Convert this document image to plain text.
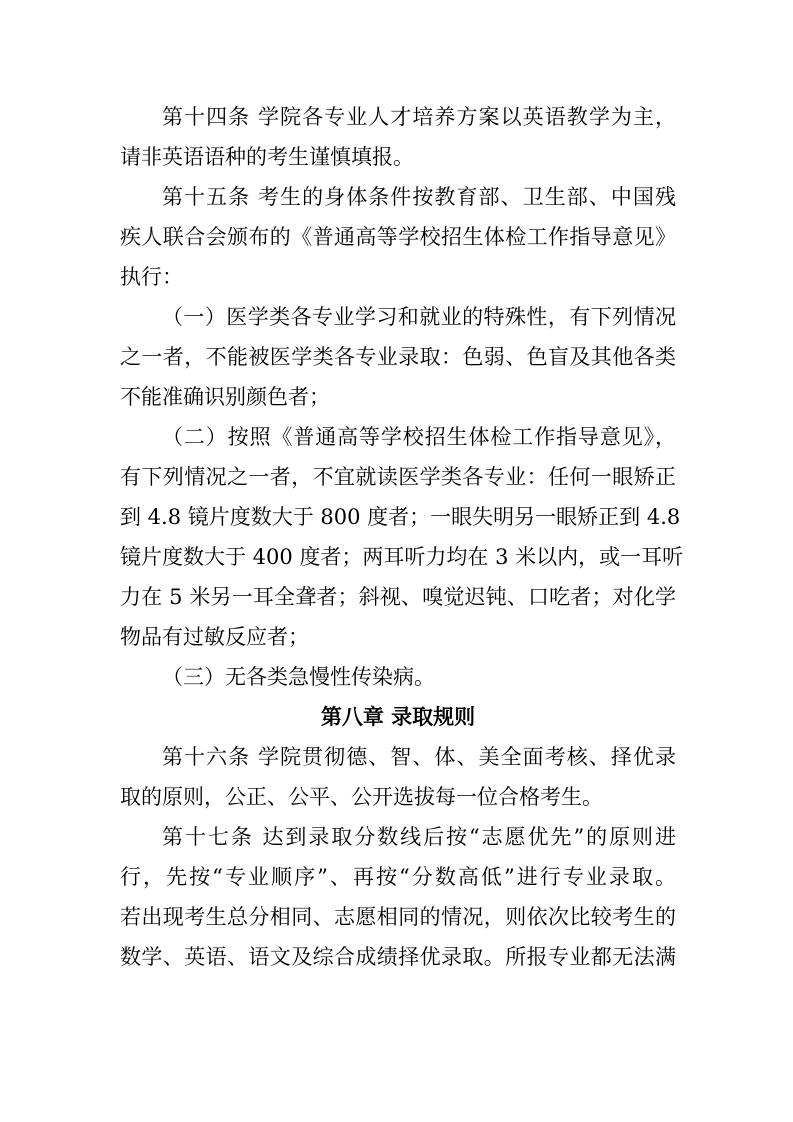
第十四条 学院各专业人才培养方案以英语教学为主，
请非英语语种的考生谨慎填报。
第十五条 考生的身体条件按教育部、卫生部、中国残
疾人联合会颁布的《普通高等学校招生体检工作指导意见》
执行：
（一）医学类各专业学习和就业的特殊性，有下列情况
之一者，不能被医学类各专业录取：色弱、色盲及其他各类
不能准确识别颜色者；
（二）按照《普通高等学校招生体检工作指导意见》，
有下列情况之一者，不宜就读医学类各专业：任何一眼矫正
到 4.8 镜片度数大于 800 度者；一眼失明另一眼矫正到 4.8
镜片度数大于 400 度者；两耳听力均在 3 米以内，或一耳听
力在 5 米另一耳全聋者；斜视、嗅觉迟钝、口吃者；对化学
物品有过敏反应者；
（三）无各类急慢性传染病。
第八章 录取规则
第十六条 学院贯彻德、智、体、美全面考核、择优录
取的原则，公正、公平、公开选拔每一位合格考生。
第十七条 达到录取分数线后按“志愿优先”的原则进
行，先按“专业顺序”、再按“分数高低”进行专业录取。
若出现考生总分相同、志愿相同的情况，则依次比较考生的
数学、英语、语文及综合成绩择优录取。所报专业都无法满
